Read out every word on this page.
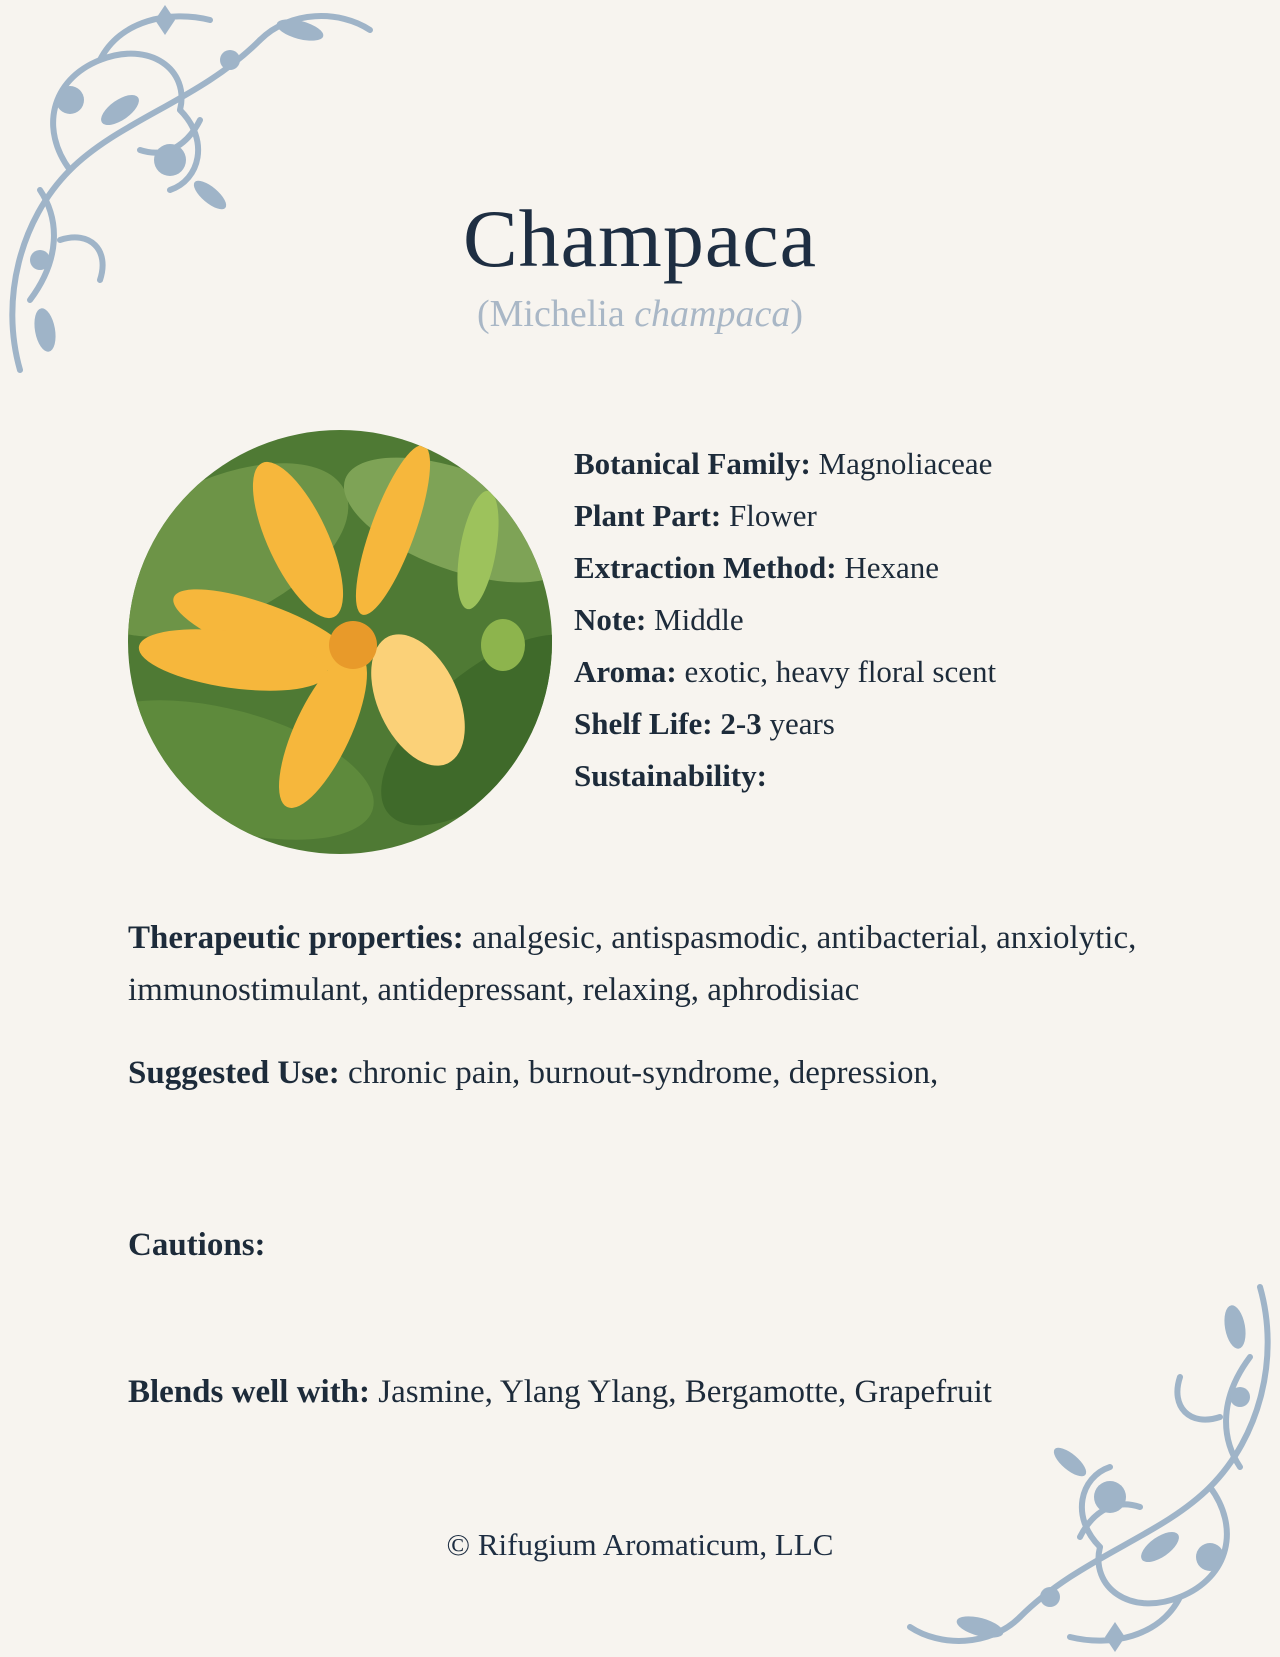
Champaca
(Michelia champaca)
Botanical Family: Magnoliaceae
Plant Part: Flower
Extraction Method: Hexane
Note: Middle
Aroma: exotic, heavy floral scent
Shelf Life: 2-3 years
Sustainability:
Therapeutic properties: analgesic, antispasmodic, antibacterial, anxiolytic, immunostimulant, antidepressant, relaxing, aphrodisiac
Suggested Use: chronic pain, burnout-syndrome, depression,
Cautions:
Blends well with: Jasmine, Ylang Ylang, Bergamotte, Grapefruit
© Rifugium Aromaticum, LLC
